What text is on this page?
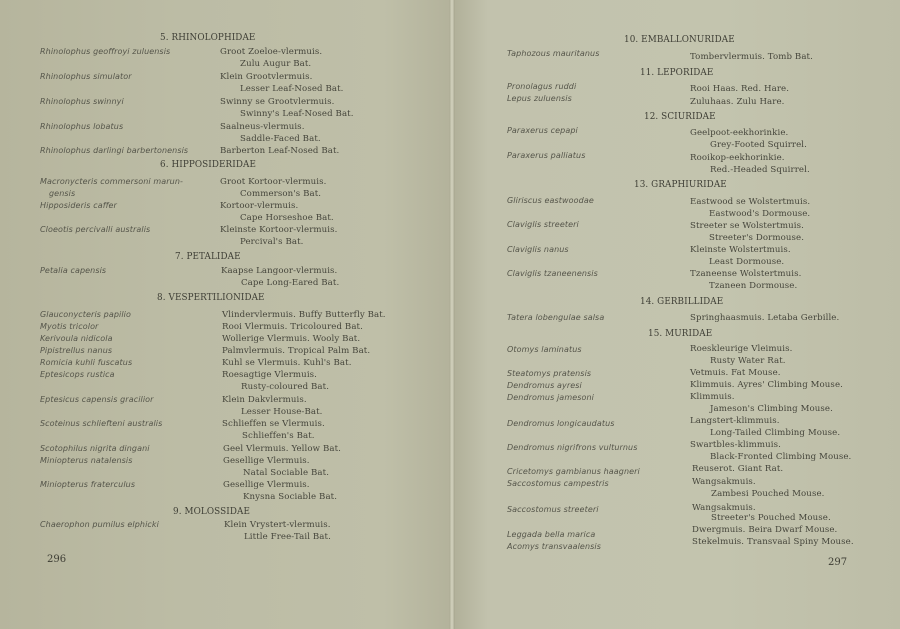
296	297
5. RHINOLOPHIDAE
Rhinolophus geoffroyi zuluensis	Groot Zoeloe-vlermuis.
Zulu Augur Bat.
Rhinolophus simulator	Klein Grootvlermuis.
Lesser Leaf-Nosed Bat.
Rhinolophus swinnyi	Swinny se Grootvlermuis.
Swinny's Leaf-Nosed Bat.
Rhinolophus lobatus	Saalneus-vlermuis.
Saddle-Faced Bat.
Rhinolophus darlingi barbertonensis	Barberton Leaf-Nosed Bat.
6. HIPPOSIDERIDAE
Macronycteris commersoni marun-	Groot Kortoor-vlermuis.
Commerson's Bat.
gensis
Hipposideris caffer	Kortoor-vlermuis.
Cape Horseshoe Bat.
Cloeotis percivalli australis	Kleinste Kortoor-vlermuis.
Percival's Bat.
7. PETALIDAE
Petalia capensis	Kaapse Langoor-vlermuis.
Cape Long-Eared Bat.
8. VESPERTILIONIDAE
Glauconycteris papilio	Vlindervlermuis. Buffy Butterfly Bat.
Myotis tricolor	Rooi Vlermuis. Tricoloured Bat.
Kerivoula nidicola	Wollerige Vlermuis. Wooly Bat.
Pipistrellus nanus	Palmvlermuis. Tropical Palm Bat.
Romicia kuhli fuscatus	Kuhl se Vlermuis. Kuhl's Bat.
Eptesicops rustica	Roesagtige Vlermuis.
Rusty-coloured Bat.
Eptesicus capensis gracilior	Klein Dakvlermuis.
Lesser House-Bat.
Scoteinus schliefteni australis	Schlieffen se Vlermuis.
Schlieffen's Bat.
Scotophilus nigrita dingani	Geel Vlermuis. Yellow Bat.
Miniopterus natalensis	Gesellige Vlermuis.
Natal Sociable Bat.
Miniopterus fraterculus	Gesellige Vlermuis.
Knysna Sociable Bat.
9. MOLOSSIDAE
Chaerophon pumilus elphicki	Klein Vrystert-vlermuis.
Little Free-Tail Bat.
10. EMBALLONURIDAE
Taphozous mauritanus	Tombervlermuis. Tomb Bat.
11. LEPORIDAE
Pronolagus ruddi	Rooi Haas. Red. Hare.
Lepus zuluensis	Zuluhaas. Zulu Hare.
12. SCIURIDAE
Paraxerus cepapi	Geelpoot-eekhorinkie.
Grey-Footed Squirrel.
Paraxerus palliatus	Rooikop-eekhorinkie.
Red.-Headed Squirrel.
13. GRAPHIURIDAE
Gliriscus eastwoodae	Eastwood se Wolstertmuis.
Eastwood's Dormouse.
Claviglis streeteri	Streeter se Wolstertmuis.
Streeter's Dormouse.
Claviglis nanus	Kleinste Wolstertmuis.
Least Dormouse.
Claviglis tzaneenensis	Tzaneense Wolstertmuis.
Tzaneen Dormouse.
14. GERBILLIDAE
Tatera lobengulae salsa	Springhaasmuis. Letaba Gerbille.
15. MURIDAE
Otomys laminatus	Roeskleurige Vleimuis.
Rusty Water Rat.
Steatomys pratensis	Vetmuis. Fat Mouse.
Dendromus ayresi	Klimmuis. Ayres' Climbing Mouse.
Dendromus jamesoni	Klimmuis.
Jameson's Climbing Mouse.
Dendromus longicaudatus	Langstert-klimmuis.
Long-Tailed Climbing Mouse.
Dendromus nigrifrons vulturnus	Swartbles-klimmuis.
Black-Fronted Climbing Mouse.
Cricetomys gambianus haagneri	Reuserot. Giant Rat.
Saccostomus campestris	Wangsakmuis.
Zambesi Pouched Mouse.
Saccostomus streeteri	Wangsakmuis.
Streeter's Pouched Mouse.
Leggada bella marica	Dwergmuis. Beira Dwarf Mouse.
Acomys transvaalensis	Stekelmuis. Transvaal Spiny Mouse.
